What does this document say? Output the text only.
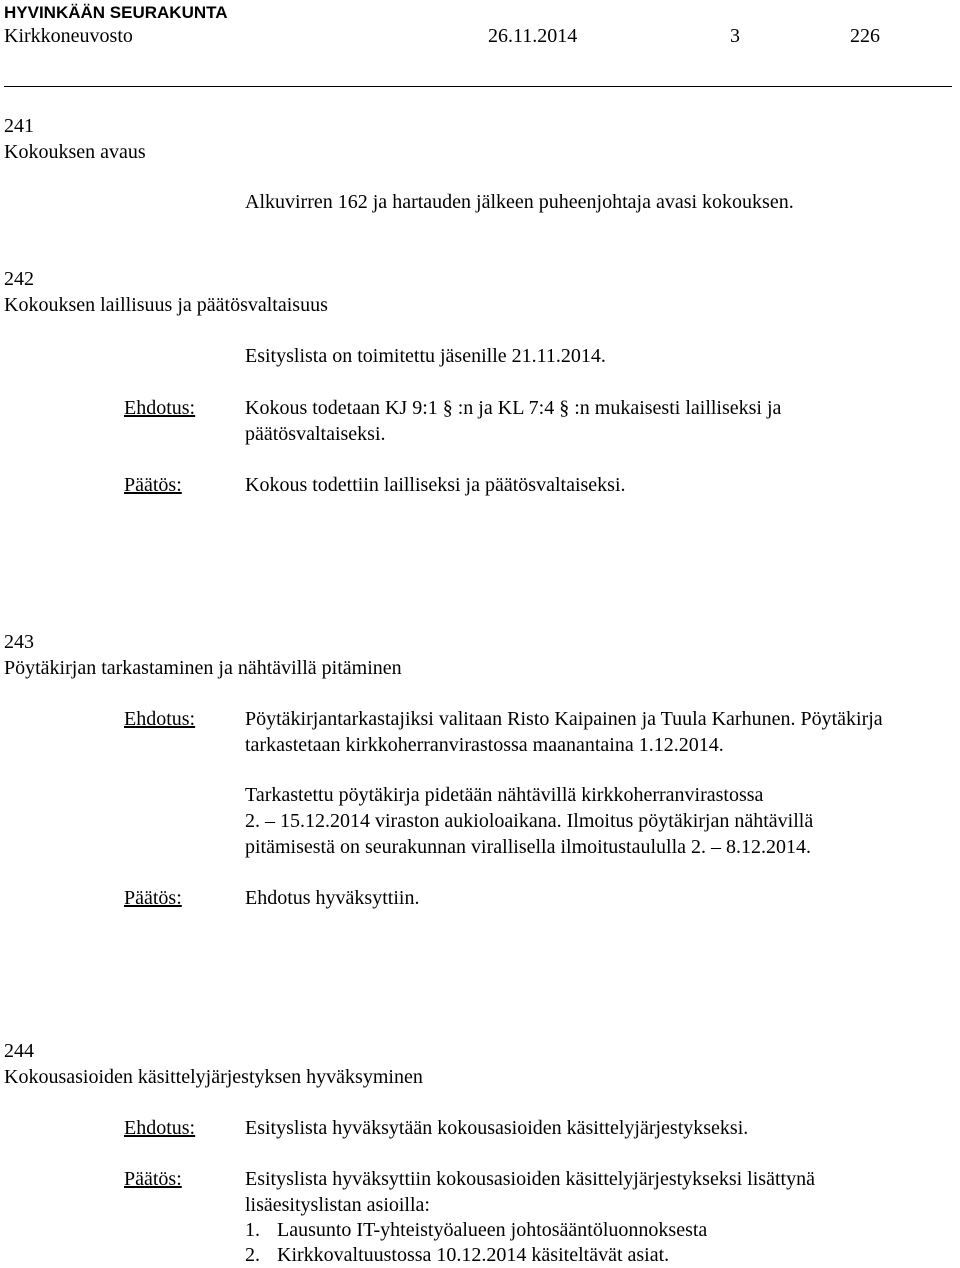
HYVINKÄÄN SEURAKUNTA
Kirkkoneuvosto	26.11.2014	3	226
241
Kokouksen avaus
Alkuvirren 162 ja hartauden jälkeen puheenjohtaja avasi kokouksen.
242
Kokouksen laillisuus ja päätösvaltaisuus
Esityslista on toimitettu jäsenille 21.11.2014.
Ehdotus: Kokous todetaan KJ 9:1 § :n ja KL 7:4 § :n mukaisesti lailliseksi ja
päätösvaltaiseksi.
Päätös:	Kokous todettiin lailliseksi ja päätösvaltaiseksi.
243
Pöytäkirjan tarkastaminen ja nähtävillä pitäminen
Ehdotus: Pöytäkirjantarkastajiksi valitaan Risto Kaipainen ja Tuula Karhunen. Pöytäkirja
tarkastetaan kirkkoherranvirastossa maanantaina 1.12.2014.
Tarkastettu pöytäkirja pidetään nähtävillä kirkkoherranvirastossa
2. – 15.12.2014 viraston aukioloaikana. Ilmoitus pöytäkirjan nähtävillä
pitämisestä on seurakunnan virallisella ilmoitustaululla 2. – 8.12.2014.
Päätös:	Ehdotus hyväksyttiin.
244
Kokousasioiden käsittelyjärjestyksen hyväksyminen
Ehdotus: Esityslista hyväksytään kokousasioiden käsittelyjärjestykseksi.
Päätös:	Esityslista hyväksyttiin kokousasioiden käsittelyjärjestykseksi lisättynä
lisäesityslistan asioilla:
1. Lausunto IT-yhteistyöalueen johtosääntöluonnoksesta
2. Kirkkovaltuustossa 10.12.2014 käsiteltävät asiat.
